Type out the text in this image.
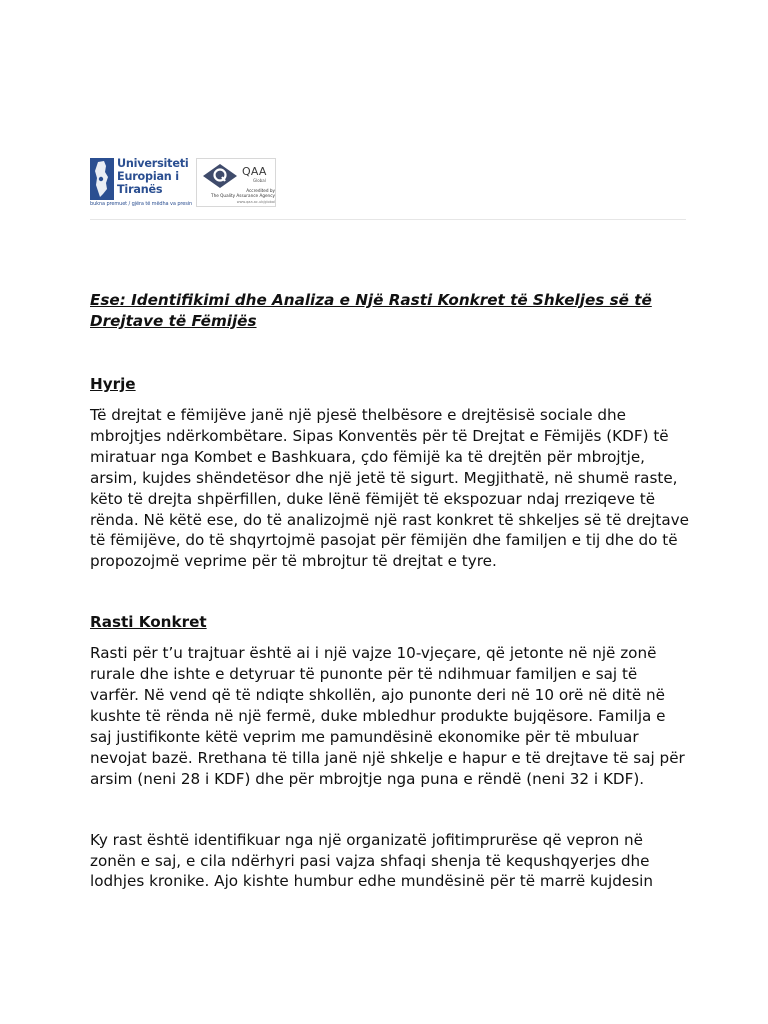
Universiteti
Europian i
Tiranës
bukna premuet / gjëra të mëdha va presin
QAA
Global
Accredited by
The Quality Assurance Agency
www.qaa.ac.uk/global
Ese: Identifikimi dhe Analiza e Një Rasti Konkret të Shkeljes së të Drejtave të Fëmijës
Hyrje

Të drejtat e fëmijëve janë një pjesë thelbësore e drejtësisë sociale dhe mbrojtjes ndërkombëtare. Sipas Konventës për të Drejtat e Fëmijës (KDF) të miratuar nga Kombet e Bashkuara, çdo fëmijë ka të drejtën për mbrojtje, arsim, kujdes shëndetësor dhe një jetë të sigurt. Megjithatë, në shumë raste, këto të drejta shpërfillen, duke lënë fëmijët të ekspozuar ndaj rreziqeve të rënda. Në këtë ese, do të analizojmë një rast konkret të shkeljes së të drejtave të fëmijëve, do të shqyrtojmë pasojat për fëmijën dhe familjen e tij dhe do të propozojmë veprime për të mbrojtur të drejtat e tyre.

Rasti Konkret

Rasti për t’u trajtuar është ai i një vajze 10-vjeçare, që jetonte në një zonë rurale dhe ishte e detyruar të punonte për të ndihmuar familjen e saj të varfër. Në vend që të ndiqte shkollën, ajo punonte deri në 10 orë në ditë në kushte të rënda në një fermë, duke mbledhur produkte bujqësore. Familja e saj justifikonte këtë veprim me pamundësinë ekonomike për të mbuluar nevojat bazë. Rrethana të tilla janë një shkelje e hapur e të drejtave të saj për arsim (neni 28 i KDF) dhe për mbrojtje nga puna e rëndë (neni 32 i KDF).

Ky rast është identifikuar nga një organizatë jofitimprurëse që vepron në zonën e saj, e cila ndërhyri pasi vajza shfaqi shenja të kequshqyerjes dhe lodhjes kronike. Ajo kishte humbur edhe mundësinë për të marrë kujdesin
